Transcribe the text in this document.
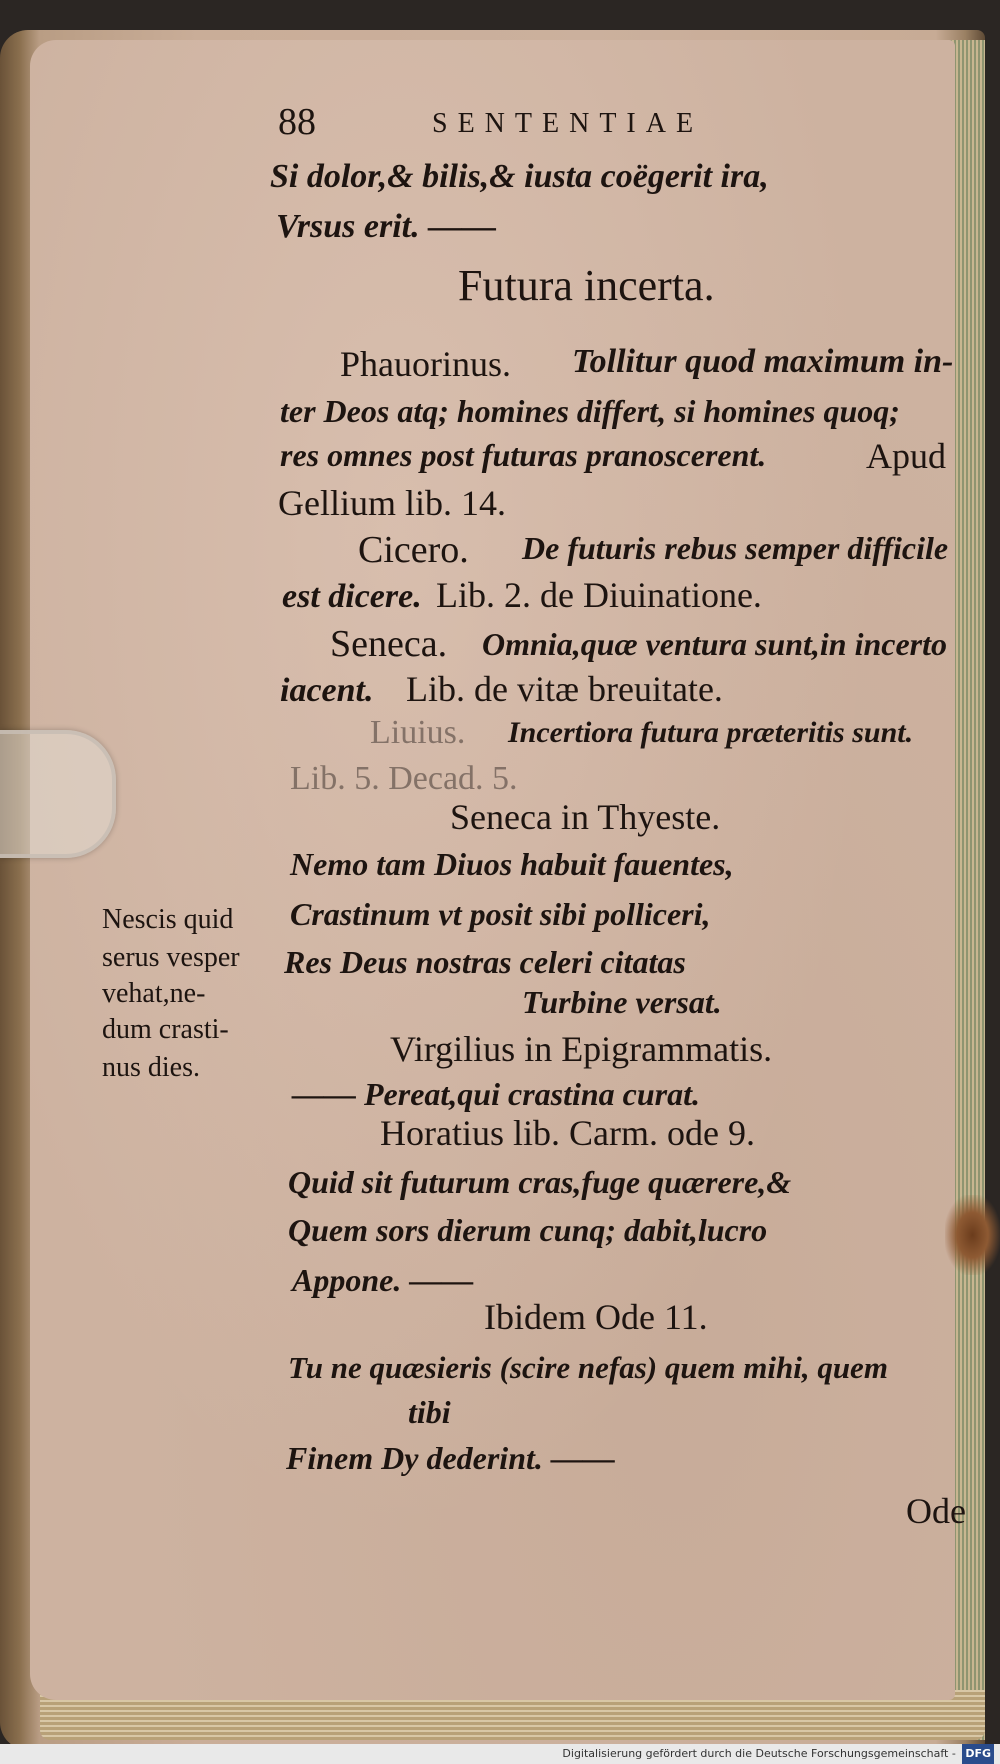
88	SENTENTIAE
Si dolor,& bilis,& iusta coëgerit ira,
Vrsus erit. ——
Futura incerta.
Phauorinus. Tollitur quod maximum in-
ter Deos atq; homines differt, si homines quoq;
res omnes post futuras pranoscerent.	Apud
Gellium lib. 14.
Cicero. De futuris rebus semper difficile
est dicere. Lib. 2. de Diuinatione.
Seneca. Omnia,quæ ventura sunt,in incerto
iacent. Lib. de vitæ breuitate.
Liuius. Incertiora futura præteritis sunt.
Lib. 5. Decad. 5.
Seneca in Thyeste.
Nemo tam Diuos habuit fauentes,
Crastinum vt posit sibi polliceri,
Res Deus nostras celeri citatas
Turbine versat.
Virgilius in Epigrammatis.
—— Pereat,qui crastina curat.
Horatius lib. Carm. ode 9.
Quid sit futurum cras,fuge quærere,&
Quem sors dierum cunq; dabit,lucro
Appone. ——
Ibidem Ode 11.
Tu ne quæsieris (scire nefas) quem mihi, quem
tibi
Finem Dy dederint. ——
Ode
Nescis quid
serus vesper
vehat,ne-
dum crasti-
nus dies.
Digitalisierung gefördert durch die Deutsche Forschungsgemeinschaft - DFG
